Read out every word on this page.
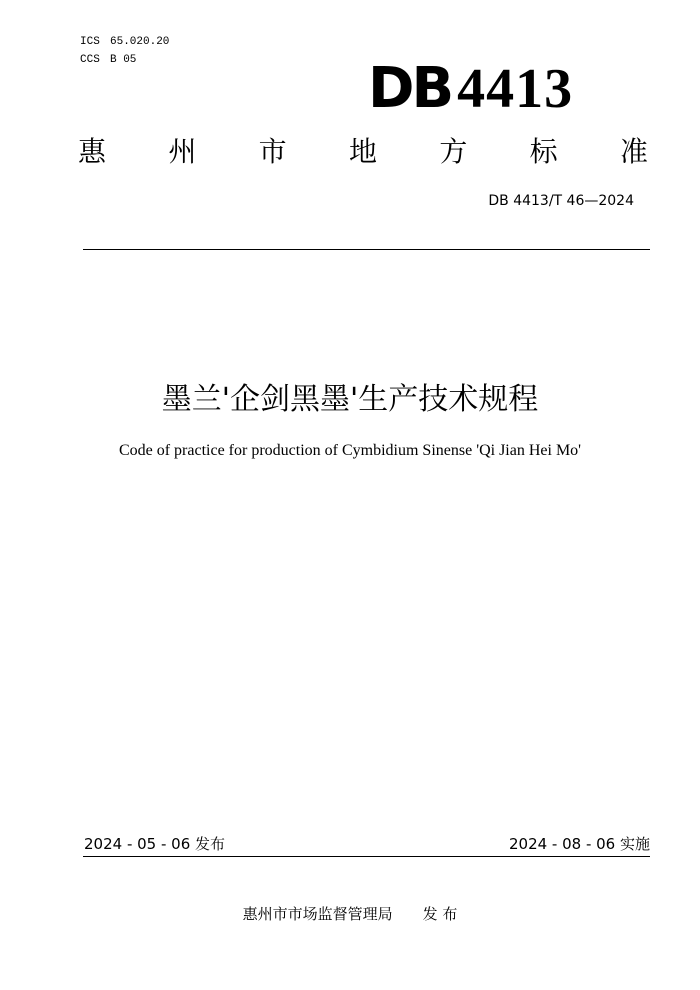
ICS 65.020.20
CCS B 05	DB 4413
惠 州 市 地 方 标 准
DB 4413/T 46—2024
墨兰'企剑黑墨'生产技术规程
Code of practice for production of Cymbidium Sinense 'Qi Jian Hei Mo'
2024 - 05 - 06 发布	2024 - 08 - 06 实施
惠州市市场监督管理局 发 布
